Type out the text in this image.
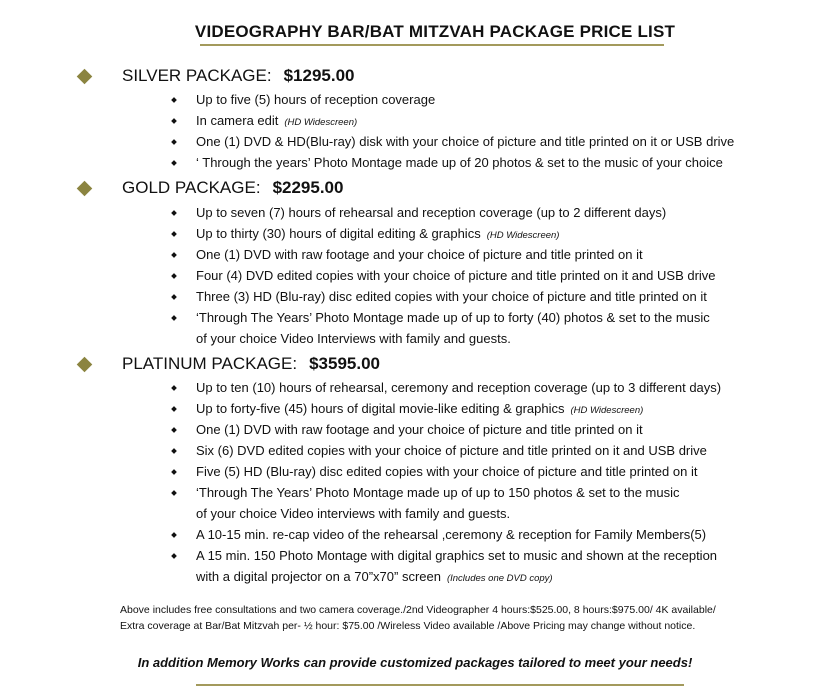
VIDEOGRAPHY BAR/BAT MITZVAH PACKAGE PRICE LIST
SILVER PACKAGE: $1295.00
Up to five (5) hours of reception coverage
In camera edit (HD Widescreen)
One (1) DVD & HD(Blu-ray) disk with your choice of picture and title printed on it or USB drive
‘ Through the years’ Photo Montage made up of 20 photos & set to the music of your choice
GOLD PACKAGE: $2295.00
Up to seven (7) hours of rehearsal and reception coverage (up to 2 different days)
Up to thirty (30) hours of digital editing & graphics (HD Widescreen)
One (1) DVD with raw footage and your choice of picture and title printed on it
Four (4) DVD edited copies with your choice of picture and title printed on it and USB drive
Three (3) HD (Blu-ray) disc edited copies with your choice of picture and title printed on it
‘Through The Years’ Photo Montage made up of up to forty (40) photos & set to the music
of your choice Video Interviews with family and guests.
PLATINUM PACKAGE: $3595.00
Up to ten (10) hours of rehearsal, ceremony and reception coverage (up to 3 different days)
Up to forty-five (45) hours of digital movie-like editing & graphics (HD Widescreen)
One (1) DVD with raw footage and your choice of picture and title printed on it
Six (6) DVD edited copies with your choice of picture and title printed on it and USB drive
Five (5) HD (Blu-ray) disc edited copies with your choice of picture and title printed on it
‘Through The Years’ Photo Montage made up of up to 150 photos & set to the music
of your choice Video interviews with family and guests.
A 10-15 min. re-cap video of the rehearsal ,ceremony & reception for Family Members(5)
A 15 min. 150 Photo Montage with digital graphics set to music and shown at the reception
with a digital projector on a 70”x70” screen (Includes one DVD copy)
Above includes free consultations and two camera coverage./2nd Videographer 4 hours:$525.00, 8 hours:$975.00/ 4K available/
Extra coverage at Bar/Bat Mitzvah per- ½ hour: $75.00 /Wireless Video available /Above Pricing may change without notice.
In addition Memory Works can provide customized packages tailored to meet your needs!
